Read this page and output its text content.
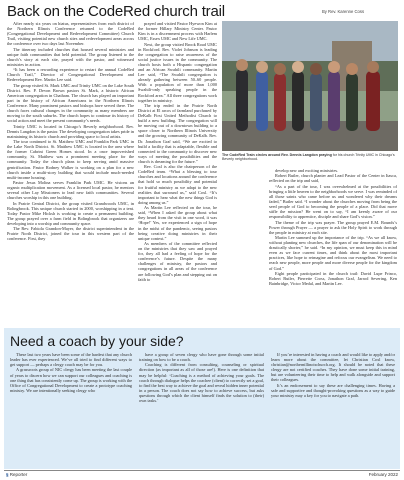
Back on the CodeRed church trail	By Rev. Karenne Coss

After nearly six years on hiatus, representatives from each district of the Northern Illinois Conference returned to the CodeRed (Congregational Development and Redevelopment Committee) Church Trail, visiting potential new church sites and redevelopment areas across the conference over two days last November.

The itinerary included churches that housed several ministries and unique faith communities that held potential. The group listened to the church’s story at each site, prayed with the pastor, and witnessed ministries in action.

“It has been a rewarding experience to restart the annual CodeRed Church Trail,” Director of Congregational Development and Redevelopment Rev. Martin Lee said.

The group visited St. Mark UMC and Trinity UMC on the Lake South District. Rev. P. Devon Brown pastors St. Mark, a historic African American congregation in Chatham. The church has played an important part in the history of African Americans in the Northern Illinois Conference. Many prominent pastors and bishops have served there. The church faces cultural changes in the community as many members are moving to the south suburbs. The church hopes to continue its history of social action and meet the present community’s needs.

Trinity UMC is located in Chicago’s Beverly neighborhood. Rev. Dennis Langdon is the pastor. The developing congregation takes pride in maintaining its historic church and providing space to local artists.

The tour continued to St. Matthew UMC and Franklin Park UMC in the Lake North District. St. Matthew UMC is located in the area where the former Cabrini Green Homes stood. In a once impoverished community, St. Matthew was a prominent meeting place for the community. Today the church plans to keep serving amid massive gentrification. Pastor Rodney Walker is working on a plan for a new church inside a multi-story building that would include much-needed multi-income housing.

Pastor Jesus Molina serves Franklin Park UMC. He visions an organic multiplication movement. As a licensed local pastor, he mentors several other Lay Missioners to lead new faith communities. Several churches worship in this one building.

In Prairie Central District, the group visited Grandwoods UMC, in Bolingbrook. This unique church started in 2000, worshipping in a tent. Today Pastor Mike Hicksh is working to create a permanent building. The group prayed over a farm field in Bolingbrook that organizers are developing into a worship and community space.

The Rev. Fabiola Grandon-Mayer, the district superintendent in the Prairie North District, joined the tour in this western part of the conference. First, they

prayed and visited Pastor Hyewon Kim at the former Hillary Ministry Center. Pastor Kim is in a discernment process with Harlem UMC, Essex UMC and New Life UMC.

Next, the group visited Brook Road UMC in Rockford. Rev. Violet Johnson is leading the congregation to raise awareness of the social justice issues in the community. The church hosts both a Hispanic congregation and an African Swahili community. Martin Lee said, “The Swahili congregation is already gathering between 50–60 people. With a population of more than 1,000 Swahili-only speaking people in the Rockford area.” All three congregations work together in ministry.

The trip ended in the Prairie North District at El arcos of farmland purchased by DeKalb First United Methodist Church to build a new building. The congregation will be moving out of a downtown building to a space closer to Northern Illinois University and the growing community of DeKalb. Rev. Dr. Jonathon Graf said, “We are excited to build a facility that is adaptable, flexible and connected to the community to discover new ways of meeting the possibilities and the church is dreaming for the future.”

Rev. Coxl is also the chairperson of the CodeRed team. “What a blessing to tour churches and locations around the conference that hold so much possibility and potential for fruitful ministry as we adapt to the new realities that surround us,” said Coxl. “It’s important to hear what the new things God is doing among us.”

As Martin Lee reflected on the tour, he said, “When I asked the group about what they heard from the visit in one word, it was ‘Hope!’ Yes, we experienced a sign of hope in the midst of the pandemic, seeing pastors being creative doing ministries in their unique context.”

As members of the committee reflected on the ministries that they saw and prayed for, they all had a feeling of hope for the conference’s future. Despite the many challenges of ministry, the pastors and congregations in all areas of the conference are following God’s plan and stepping out on faith to

The CodeRed Train circles around Rev. Dennis Langdon praying for his church Trinity UMC in Chicago’s Beverly neighborhood.

develop new and exciting ministries.

Robert Butler, church planter and Lead Pastor of the Center in Itasca, reflected on the trip and said,

“As a part of the tour, I was overwhelmed at the possibilities of bringing a little heaven to the neighborhoods we serve. I was reminded of all those saints who came before us and wondered why their dreams faded,” Butler said. “I wonder about the churches moving from being the seed people of God to becoming the people of a place. Did that move stifle the mission? He went on to say, “I am keenly aware of our responsibility to apprentice, disciple and share God’s vision.”

The theme of the trip was prayer. The group prayed E.M. Bounds’s Power through Prayer — a prayer to ask the Holy Spirit to work through the people in ministry at each site.

Martin Lee summed up the importance of the trip. “As we all know, without planting new churches, the life span of our denomination will be drastically shorter,” he said. “In my opinion, we must keep this in mind even as we face current times, and think about the most important practices, like hope to reimagine and refocus our evangelism. We need to reach new people, more people and more diverse people for the kingdom of God.”

Eight people participated in the church trail: David Lupe Frinco, Robert Butler, Pierrette Cross, Jonathon Graf, Jarrod Severing, Ken Bainbridge, Victor Medal, and Martin Lee.

Need a coach by your side?

These last two years have been some of the hardest that any church leader has ever experienced. We’ve all tried to find different ways to get support — perhaps a clergy coach may be for you.

A grassroots group of NIC clergy has been meeting the last couple of years to discern how we can support our colleagues and coaching is one thing that has consistently come up. The group is working with the Office of Congregational Development to create a prototype coaching ministry. We are intentionally seeking clergy who

have a group of seven clergy who have gone through some initial training on how to be a coach.

Coaching is different from consulting, counseling or spiritual direction (as important as all of those are!). Here is one definition that may be helpful: ‘Coaching is a method of achieving your goals. The coach through dialogue helps the coachee (client) to correctly set a goal, to find the best way to achieve the goal and reveal hidden inner potential in a person. The coach does not say how to achieve success, but asks questions through which the client himself finds the solution to (their) own tasks.’

If you’re interested in having a coach and would like to apply and/or learn more about the committee, let Christian Coxl know, christian@northernillinoischurch.org. It should be noted that these clergy are not certified coaches. They have done some initial training, but are volunteering their time to help and walk alongside and support their colleagues.

It’s an endorsement to say these are challenging times. Having a safe and supportive and thought-provoking questions as a way to guide your ministry may a key for you to navigate a path.

§ Reporter	February 2022
